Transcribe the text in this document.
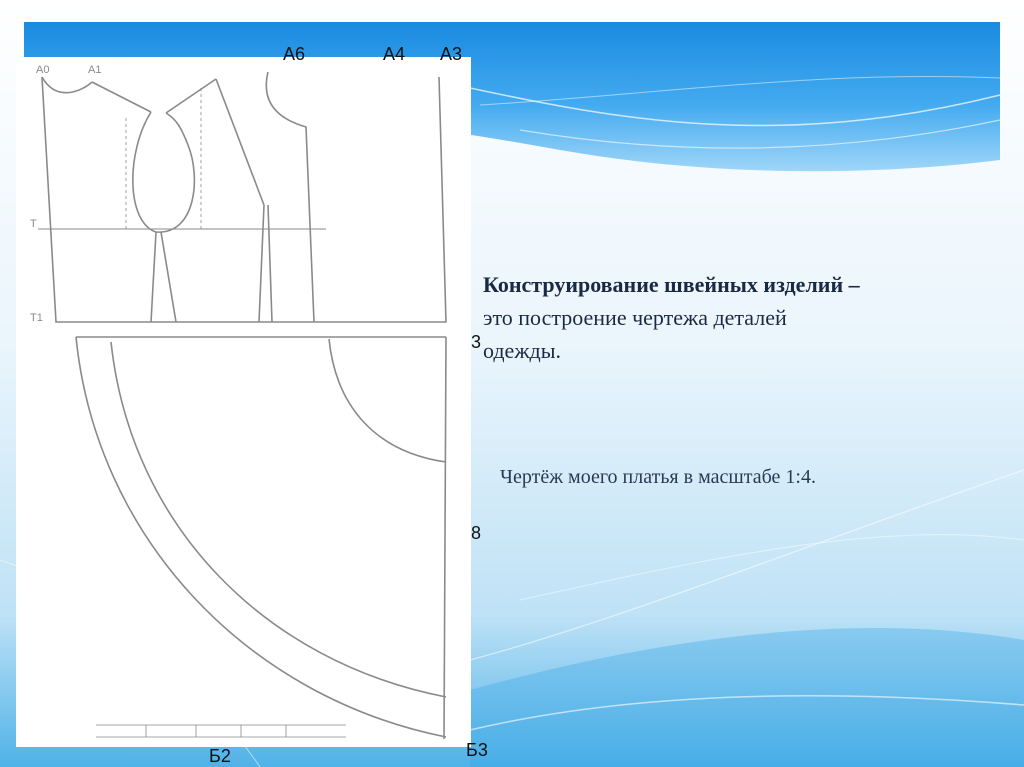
А0	А1
Т
Т1
А6	А4 А3
3
8
Б2	Б3
Конструирование швейных изделий –
это построение чертежа деталей
одежды.
Чертёж моего платья в масштабе 1:4.
